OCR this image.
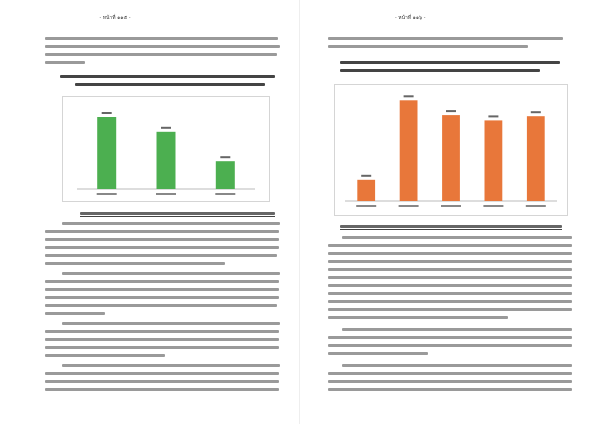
- หน้าที่ ๑๑๕ -	- หน้าที่ ๑๑๖ -
